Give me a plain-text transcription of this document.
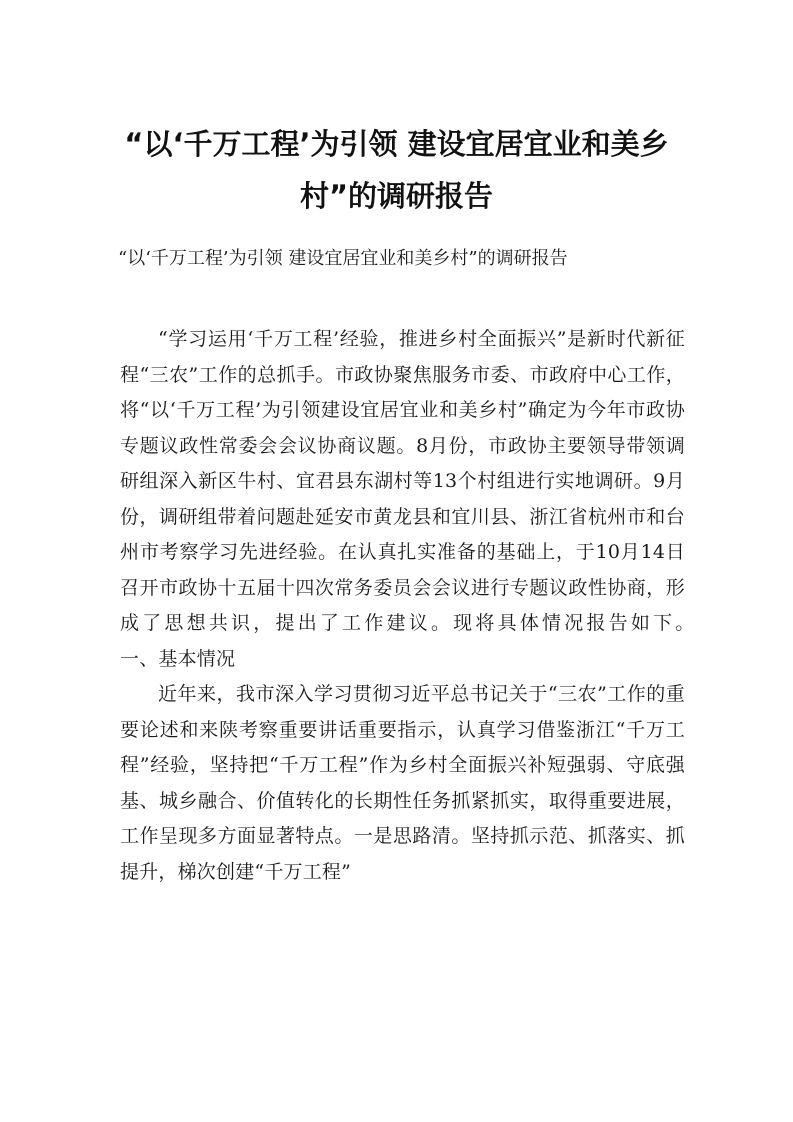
“以‘千万工程’为引领 建设宜居宜业和美乡村”的调研报告

“以‘千万工程’为引领 建设宜居宜业和美乡村”的调研报告

“学习运用‘千万工程’经验，推进乡村全面振兴”是新时代新征程“三农”工作的总抓手。市政协聚焦服务市委、市政府中心工作，将“以‘千万工程’为引领建设宜居宜业和美乡村”确定为今年市政协专题议政性常委会会议协商议题。8月份，市政协主要领导带领调研组深入新区牛村、宜君县东湖村等13个村组进行实地调研。9月份，调研组带着问题赴延安市黄龙县和宜川县、浙江省杭州市和台州市考察学习先进经验。在认真扎实准备的基础上，于10月14日召开市政协十五届十四次常务委员会会议进行专题议政性协商，形成了思想共识，提出了工作建议。现将具体情况报告如下。　　一、基本情况

近年来，我市深入学习贯彻习近平总书记关于“三农”工作的重要论述和来陕考察重要讲话重要指示，认真学习借鉴浙江“千万工程”经验，坚持把“千万工程”作为乡村全面振兴补短强弱、守底强基、城乡融合、价值转化的长期性任务抓紧抓实，取得重要进展，工作呈现多方面显著特点。一是思路清。坚持抓示范、抓落实、抓提升，梯次创建“千万工程”
